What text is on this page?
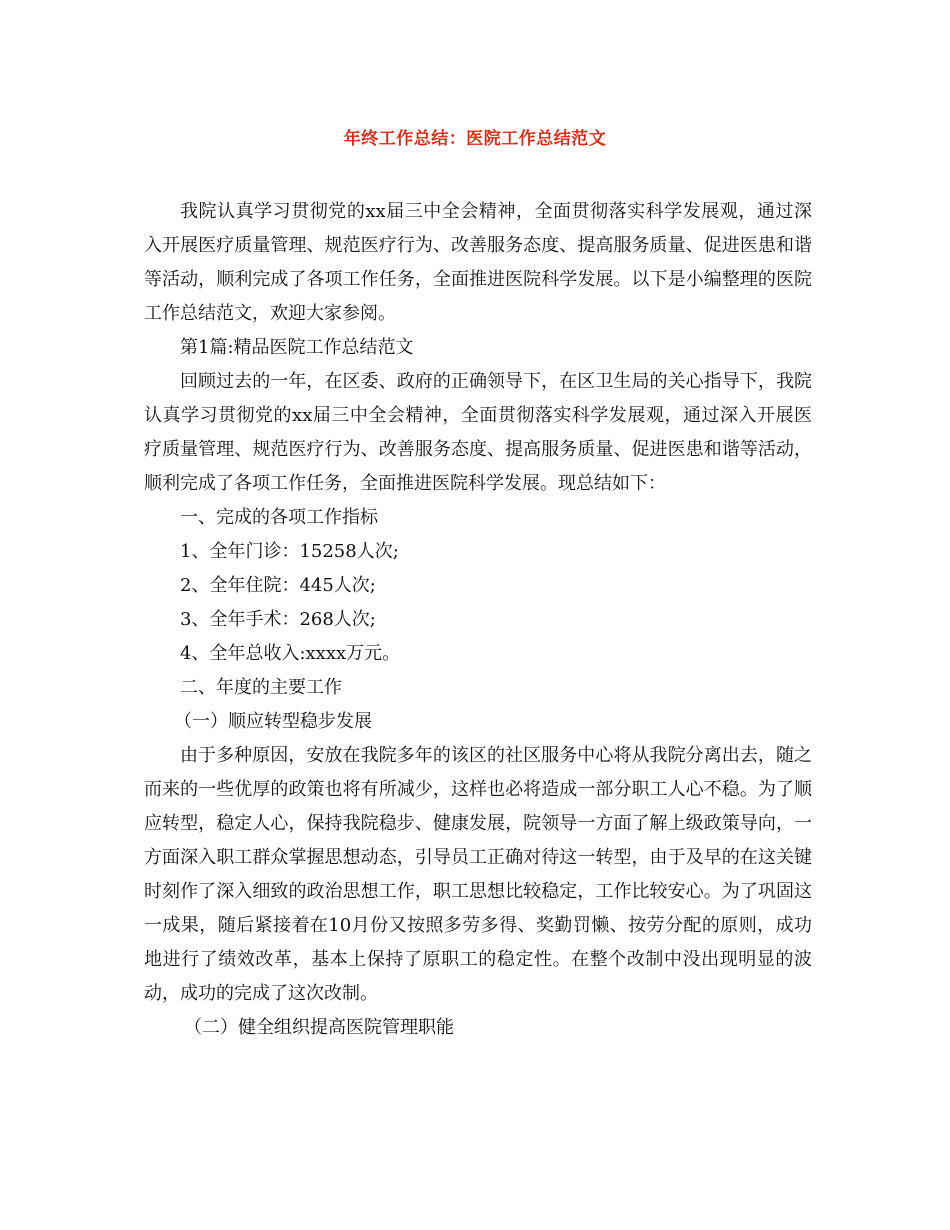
年终工作总结：医院工作总结范文

我院认真学习贯彻党的xx届三中全会精神，全面贯彻落实科学发展观，通过深入开展医疗质量管理、规范医疗行为、改善服务态度、提高服务质量、促进医患和谐等活动，顺利完成了各项工作任务，全面推进医院科学发展。以下是小编整理的医院工作总结范文，欢迎大家参阅。

第1篇:精品医院工作总结范文

回顾过去的一年，在区委、政府的正确领导下，在区卫生局的关心指导下，我院认真学习贯彻党的xx届三中全会精神，全面贯彻落实科学发展观，通过深入开展医疗质量管理、规范医疗行为、改善服务态度、提高服务质量、促进医患和谐等活动，顺利完成了各项工作任务，全面推进医院科学发展。现总结如下：

一、完成的各项工作指标

1、全年门诊：15258人次;

2、全年住院：445人次;

3、全年手术：268人次;

4、全年总收入:xxxx万元。

二、年度的主要工作

（一）顺应转型稳步发展

由于多种原因，安放在我院多年的该区的社区服务中心将从我院分离出去，随之而来的一些优厚的政策也将有所减少，这样也必将造成一部分职工人心不稳。为了顺应转型，稳定人心，保持我院稳步、健康发展，院领导一方面了解上级政策导向，一方面深入职工群众掌握思想动态，引导员工正确对待这一转型，由于及早的在这关键时刻作了深入细致的政治思想工作，职工思想比较稳定，工作比较安心。为了巩固这一成果，随后紧接着在10月份又按照多劳多得、奖勤罚懒、按劳分配的原则，成功地进行了绩效改革，基本上保持了原职工的稳定性。在整个改制中没出现明显的波动，成功的完成了这次改制。

（二）健全组织提高医院管理职能
